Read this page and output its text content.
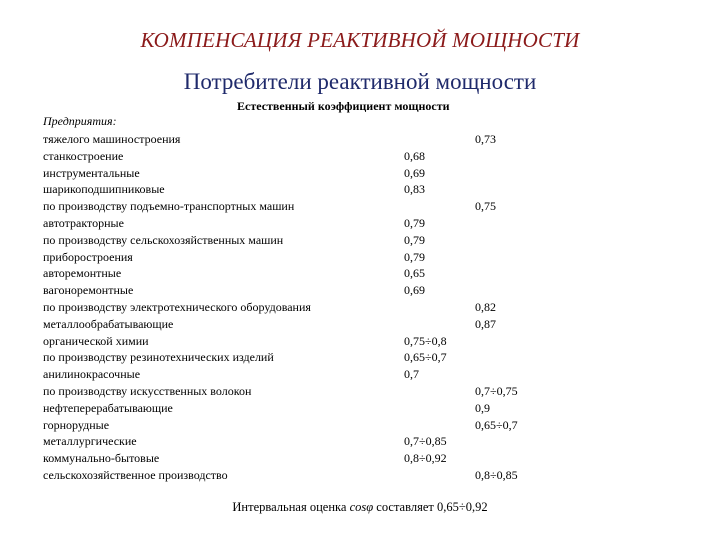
КОМПЕНСАЦИЯ РЕАКТИВНОЙ МОЩНОСТИ
Потребители реактивной мощности
Естественный коэффициент мощности
Предприятия:
тяжелого машиностроения	0,73
станкостроение	0,68
инструментальные	0,69
шарикоподшипниковые	0,83
по производству подъемно-транспортных машин	0,75
автотракторные	0,79
по производству сельскохозяйственных машин	0,79
приборостроения	0,79
авторемонтные	0,65
вагоноремонтные	0,69
по производству электротехнического оборудования	0,82
металлообрабатывающие	0,87
органической химии	0,75÷0,8
по производству резинотехнических изделий	0,65÷0,7
анилинокрасочные	0,7
по производству искусственных волокон	0,7÷0,75
нефтеперерабатывающие	0,9
горнорудные	0,65÷0,7
металлургические	0,7÷0,85
коммунально-бытовые	0,8÷0,92
сельскохозяйственное производство	0,8÷0,85
Интервальная оценка cosφ составляет 0,65÷0,92
